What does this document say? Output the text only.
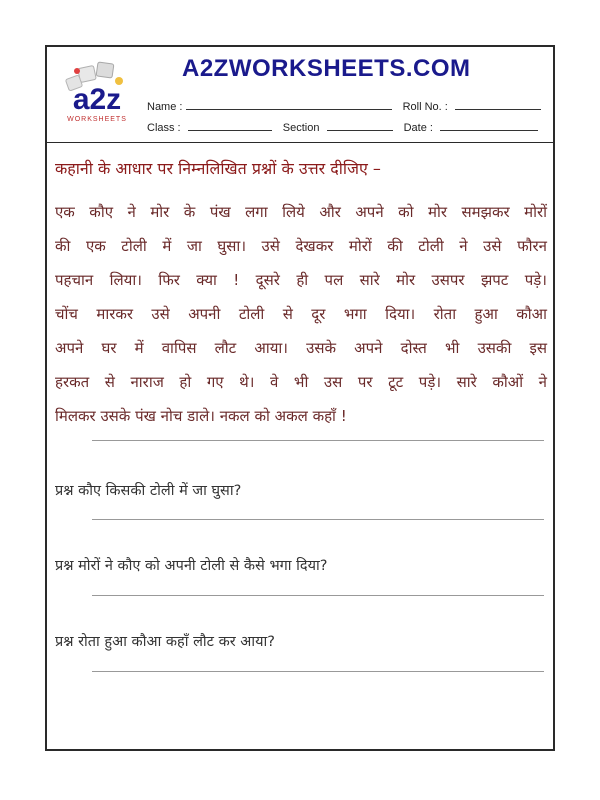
a2z
WORKSHEETS
A2ZWORKSHEETS.COM
Name :	Roll No. :
Class :	Section	Date :
कहानी के आधार पर निम्नलिखित प्रश्नों के उत्तर दीजिए –
एक कौए ने मोर के पंख लगा लिये और अपने को मोर समझकर मोरों
की एक टोली में जा घुसा। उसे देखकर मोरों की टोली ने उसे फौरन
पहचान लिया। फिर क्या ! दूसरे ही पल सारे मोर उसपर झपट पड़े।
चोंच मारकर उसे अपनी टोली से दूर भगा दिया। रोता हुआ कौआ
अपने घर में वापिस लौट आया। उसके अपने दोस्त भी उसकी इस
हरकत से नाराज हो गए थे। वे भी उस पर टूट पड़े। सारे कौओं ने
मिलकर उसके पंख नोच डाले। नकल को अकल कहाँ !
प्रश्न कौए किसकी टोली में जा घुसा?
प्रश्न मोरों ने कौए को अपनी टोली से कैसे भगा दिया?
प्रश्न रोता हुआ कौआ कहाँ लौट कर आया?
